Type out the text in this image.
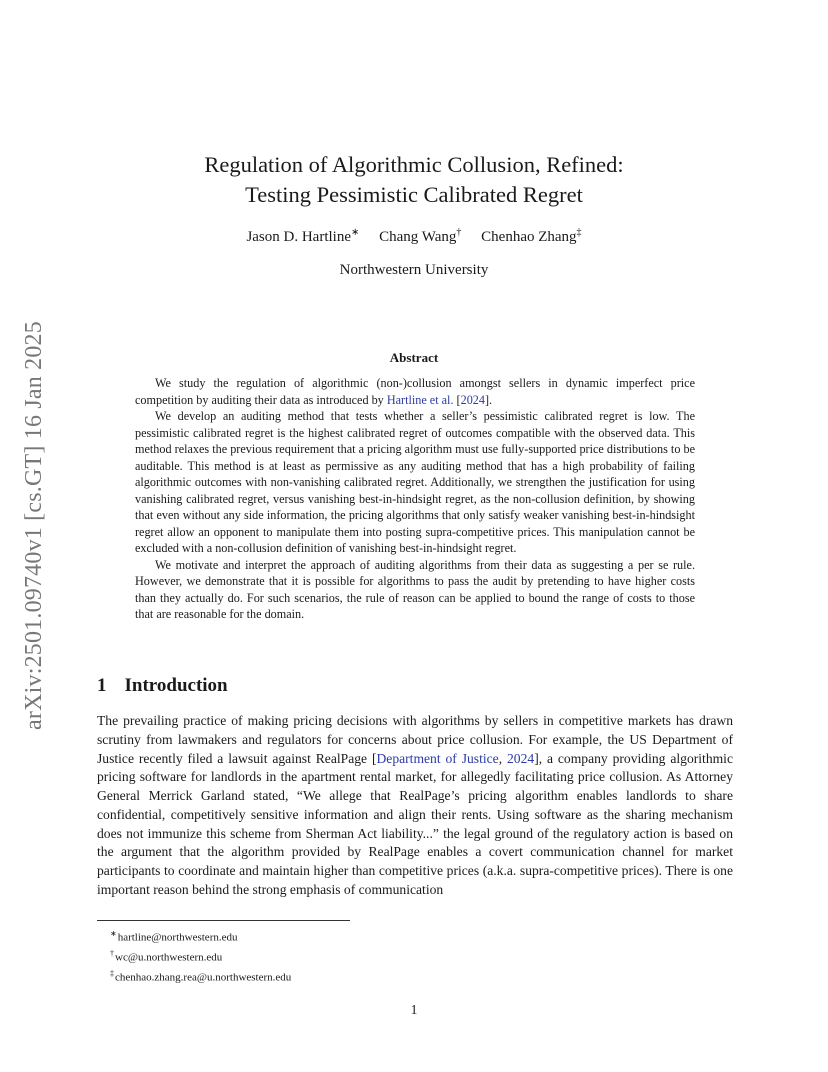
arXiv:2501.09740v1 [cs.GT] 16 Jan 2025
Regulation of Algorithmic Collusion, Refined:
Testing Pessimistic Calibrated Regret
Jason D. Hartline∗ Chang Wang† Chenhao Zhang‡
Northwestern University
Abstract

We study the regulation of algorithmic (non-)collusion amongst sellers in dynamic imperfect price competition by auditing their data as introduced by Hartline et al. [2024].

We develop an auditing method that tests whether a seller’s pessimistic calibrated regret is low. The pessimistic calibrated regret is the highest calibrated regret of outcomes compatible with the observed data. This method relaxes the previous requirement that a pricing algorithm must use fully-supported price distributions to be auditable. This method is at least as permissive as any auditing method that has a high probability of failing algorithmic outcomes with non-vanishing calibrated regret. Additionally, we strengthen the justification for using vanishing calibrated regret, versus vanishing best-in-hindsight regret, as the non-collusion definition, by showing that even without any side information, the pricing algorithms that only satisfy weaker vanishing best-in-hindsight regret allow an opponent to manipulate them into posting supra-competitive prices. This manipulation cannot be excluded with a non-collusion definition of vanishing best-in-hindsight regret.

We motivate and interpret the approach of auditing algorithms from their data as suggesting a per se rule. However, we demonstrate that it is possible for algorithms to pass the audit by pretending to have higher costs than they actually do. For such scenarios, the rule of reason can be applied to bound the range of costs to those that are reasonable for the domain.

1 Introduction

The prevailing practice of making pricing decisions with algorithms by sellers in competitive markets has drawn scrutiny from lawmakers and regulators for concerns about price collusion. For example, the US Department of Justice recently filed a lawsuit against RealPage [Department of Justice, 2024], a company providing algorithmic pricing software for landlords in the apartment rental market, for allegedly facilitating price collusion. As Attorney General Merrick Garland stated, “We allege that RealPage’s pricing algorithm enables landlords to share confidential, competitively sensitive information and align their rents. Using software as the sharing mechanism does not immunize this scheme from Sherman Act liability...” the legal ground of the regulatory action is based on the argument that the algorithm provided by RealPage enables a covert communication channel for market participants to coordinate and maintain higher than competitive prices (a.k.a. supra-competitive prices). There is one important reason behind the strong emphasis of communication

∗hartline@northwestern.edu
†wc@u.northwestern.edu
‡chenhao.zhang.rea@u.northwestern.edu
1
